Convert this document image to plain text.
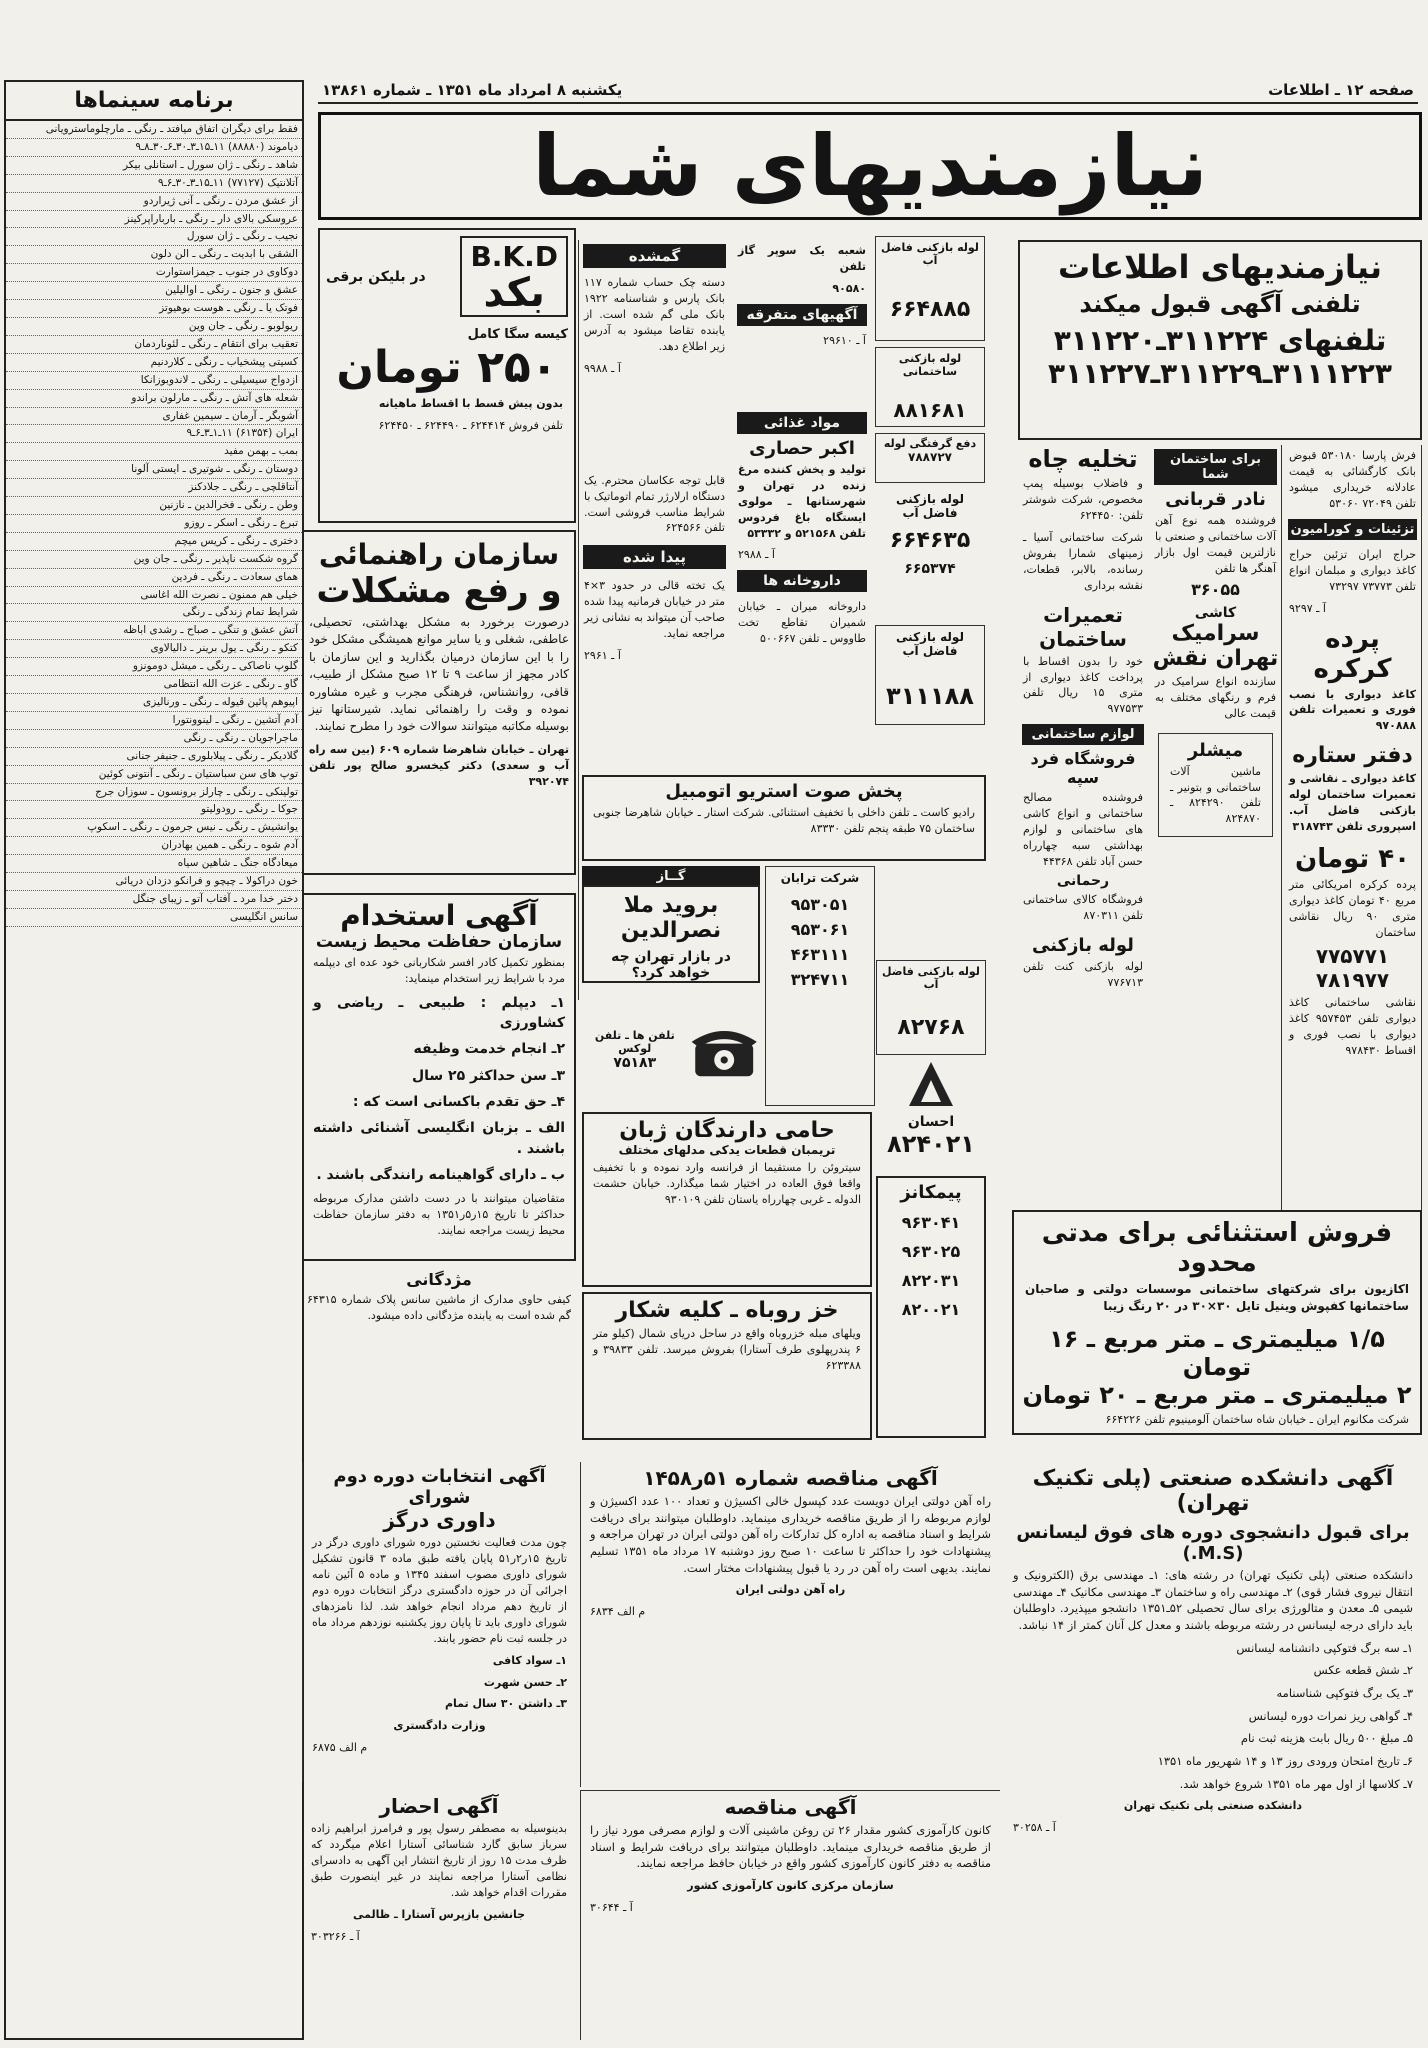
صفحه ۱۲ ـ اطلاعات
یکشنبه ۸ امرداد ماه ۱۳۵۱ ـ شماره ۱۳۸۶۱
نیازمندیهای شما
برنامه سینماها
فقط برای دیگران اتفاق میافتد ـ رنگی ـ مارچلوماسترویانی
دیاموند (۸۸۸۸۰) ۱۱ـ۱۵ـ۳ـ۳۰ـ۶ـ۳۰ـ۸ـ۹
شاهد ـ رنگی ـ ژان سورل ـ استانلی بیکر
آتلانتیک (۷۷۱۲۷) ۱۱ـ۱۵ـ۳ـ۳۰ـ۶ـ۹
از عشق مردن ـ رنگی ـ آنی ژیراردو
عروسکی بالای دار ـ رنگی ـ بارباراپرکینز
نجیب ـ رنگی ـ ژان سورل
الشقی با ابدیت ـ رنگی ـ الن دلون
دوکاوی در جنوب ـ جیمزاستوارت
عشق و جنون ـ رنگی ـ اوالیلین
فوتک یا ـ رنگی ـ هوست بوهیوتز
ریولوبو ـ رنگی ـ جان وین
تعقیب برای انتقام ـ رنگی ـ لئوناردمان
کسیتی پیشخیاب ـ رنگی ـ کلاردنیم
ازدواج سیسیلی ـ رنگی ـ لاندوبوزانکا
شعله های آتش ـ رنگی ـ مارلون براندو
آشوبگر ـ آرمان ـ سیمین غفاری
ایران (۶۱۳۵۴) ۱۱ـ۱ـ۳ـ۶ـ۹
بمب ـ بهمن مفید
دوستان ـ رنگی ـ شوتیری ـ ایستی آلونا
آنتاقلچی ـ رنگی ـ جلادکنز
وطن ـ رنگی ـ فخرالدین ـ نازنین
تبرع ـ رنگی ـ اسکر ـ روزو
دختری ـ رنگی ـ کریس میچم
گروه شکست ناپذیر ـ رنگی ـ جان وین
همای سعادت ـ رنگی ـ فردین
خیلی هم ممنون ـ نصرت الله اغاسی
شرایط تمام زندگی ـ رنگی
آتش عشق و تنگی ـ صباح ـ رشدی اباظه
کتکو ـ رنگی ـ یول برینر ـ دالیالاوی
گلوپ ناصاکی ـ رنگی ـ میشل دومونزو
گاو ـ رنگی ـ عزت الله انتظامی
اپیوهم پائین قیوله ـ رنگی ـ ورنالیزی
آدم آتشین ـ رنگی ـ لینوونتورا
ماجراجویان ـ رنگی ـ رنگی
گلادیکر ـ رنگی ـ پیلابلوری ـ جنیفر جنانی
توپ های سن سباستیان ـ رنگی ـ آنتونی کوئین
تولینکی ـ رنگی ـ چارلز برونسون ـ سوزان جرج
جوکا ـ رنگی ـ رودولیتو
یوانشیش ـ رنگی ـ نیس جرمون ـ رنگی ـ اسکوپ
آدم شوه ـ رنگی ـ همین بهادران
میعادگاه جنگ ـ شاهین سیاه
خون دراکولا ـ چیچو و فرانکو دزدان دریائی
دختر خدا مرد ـ آفتاب آتو ـ زیبای جنگل
سانس انگلیسی
B.K.D
بکد
در بلیکن برقی
کیسه سگا کامل
۲۵۰ تومان
بدون پیش قسط با اقساط ماهیانه
تلفن فروش ۶۲۴۴۱۴ ـ ۶۲۴۴۹۰ ـ ۶۲۴۴۵۰
سازمان راهنمائی
و رفع مشکلات
درصورت برخورد به مشکل بهداشتی، تحصیلی، عاطفی، شغلی و یا سایر موانع همیشگی مشکل خود را با این سازمان درمیان بگذارید و این سازمان با کادر مجهز از ساعت ۹ تا ۱۲ صبح مشکل از طبیب، قافی، روانشناس، فرهنگی مجرب و غیره مشاوره نموده و وقت را راهنمائی نماید. شیرستانها نیز بوسیله مکاتبه میتوانند سوالات خود را مطرح نمایند.
تهران ـ خیابان شاهرضا شماره ۶۰۹ (بین سه راه آب و سعدی) دکتر کیخسرو صالح پور تلفن ۳۹۲۰۷۴
آگهی استخدام
سازمان حفاظت محیط زیست
بمنظور تکمیل کادر افسر شکاربانی خود عده ای دیپلمه مرد با شرایط زیر استخدام مینماید:
۱ـ دیپلم : طبیعی ـ ریاضی و کشاورزی
۲ـ انجام خدمت وظیفه
۳ـ سن حداکثر ۲۵ سال
۴ـ حق تقدم باکسانی است که :
الف ـ بزبان انگلیسی آشنائی داشته باشند .
ب ـ دارای گواهینامه رانندگی باشند .
متقاضیان میتوانند با در دست داشتن مدارک مربوطه حداکثر تا تاریخ ۱۵ر۵ر۱۳۵۱ به دفتر سازمان حفاظت محیط زیست مراجعه نمایند.
مژدگانی
کیفی حاوی مدارک از ماشین سانس پلاک شماره ۶۴۳۱۵ گم شده است به یابنده مژدگانی داده میشود.
گمشده
دسته چک حساب شماره ۱۱۷ بانک پارس و شناسنامه ۱۹۲۲ بانک ملی گم شده است. از یابنده تقاضا میشود به آدرس زیر اطلاع دهد.
آ ـ ۹۹۸۸
قابل توجه عکاسان محترم. یک دستگاه ارلارژر تمام اتوماتیک با شرایط مناسب فروشی است. تلفن ۶۲۴۵۶۶
پیدا شده
یک تخته قالی در حدود ۳×۴ متر در خیابان فرمانیه پیدا شده صاحب آن میتواند به نشانی زیر مراجعه نماید.
آ ـ ۲۹۶۱
شعبه یک سوپر گاز تلفن
۹۰۵۸۰
آگهیهای متفرقه
آ ـ ۲۹۶۱۰
مواد غذائی
اکبر حصاری
تولید و پخش کننده مرغ زنده در تهران و شهرستانها ـ مولوی ایستگاه باغ فردوس تلفن ۵۲۱۵۶۸ و ۵۳۳۳۲
آ ـ ۲۹۸۸
داروخانه ها
داروخانه میران ـ خیابان شمیران تقاطع تخت طاووس ـ تلفن ۵۰۰۶۶۷
لوله بازکنی فاضل آب
۶۶۴۸۸۵
لوله بازکنی ساختمانی
۸۸۱۶۸۱
دفع گرفتگی لوله
۷۸۸۷۲۷
لوله بازکنی فاضل آب
۶۶۴۶۳۵
۶۶۵۳۷۴
لوله بازکنی فاضل آب
۳۱۱۱۸۸
پخش صوت استریو اتومبیل
رادیو کاست ـ تلفن داخلی با تخفیف استثنائی. شرکت استار ـ خیابان شاهرضا جنوبی ساختمان ۷۵ طبقه پنجم تلفن ۸۳۳۳۰
گــاز
بروید ملا نصرالدین
در بازار تهران چه خواهد کرد؟
تلفن ها ـ تلفن لوکس
۷۵۱۸۳
شرکت ترابان
۹۵۳۰۵۱
۹۵۳۰۶۱
۴۶۳۱۱۱
۳۲۴۷۱۱
احسان
۸۲۴۰۲۱
لوله بازکنی فاضل آب
۸۲۷۶۸
حامی دارندگان ژبان
تریمبان قطعات یدکی مدلهای مختلف
سیتروئن را مستقیما از فرانسه وارد نموده و با تخفیف واقعا فوق العاده در اختیار شما میگذارد. خیابان حشمت الدوله ـ غربی چهارراه یاستان تلفن ۹۳۰۱۰۹
خز روباه ـ کلیه شکار
ویلهای مبله خزروباه واقع در ساحل دریای شمال (کیلو متر ۶ پندرپهلوی طرف آستارا) بفروش میرسد. تلفن ۳۹۸۳۳ و ۶۲۳۳۸۸
پیمکانز
۹۶۳۰۴۱
۹۶۳۰۲۵
۸۲۲۰۳۱
۸۲۰۰۲۱
نیازمندیهای اطلاعات
تلفنی آگهی قبول میکند
تلفنهای ۳۱۱۲۲۴ـ۳۱۱۲۲۰
۳۱۱۱۲۲۳ـ۳۱۱۲۲۹ـ۳۱۱۲۲۷
فرش پارسا ۵۳۰۱۸۰ قبوض بانک کارگشائی به قیمت عادلانه خریداری میشود تلفن ۷۲۰۴۹ ۵۳۰۶۰
تزئینات و کورامیون
حراج ایران تزئین حراج کاغذ دیواری و مبلمان انواع تلفن ۷۳۷۷۳ ۷۳۲۹۷
آ ـ ۹۲۹۷
پرده کرکره
کاغذ دیواری با نصب فوری و تعمیرات تلفن ۹۷۰۸۸۸
دفتر ستاره
کاغذ دیواری ـ نقاشی و تعمیرات ساختمان لوله بازکنی فاضل آب. اسپروری تلفن ۳۱۸۷۴۳
۴۰ تومان
پرده کرکره امریکائی متر مربع ۴۰ تومان کاغذ دیواری متری ۹۰ ریال نقاشی ساختمان
۷۷۵۷۷۱
۷۸۱۹۷۷
نقاشی ساختمانی کاغذ دیواری تلفن ۹۵۷۴۵۳ کاغذ دیواری با نصب فوری و اقساط ۹۷۸۴۳۰
برای ساختمان شما
نادر قربانی
فروشنده همه نوع آهن آلات ساختمانی و صنعتی با نازلترین قیمت اول بازار آهنگر ها تلفن
۳۶۰۵۵
کاشی
سرامیک تهران نقش
سازنده انواع سرامیک در فرم و رنگهای مختلف به قیمت عالی
میشلر
ماشین آلات ساختمانی و بتونیر ـ تلفن ۸۲۴۲۹۰ ـ ۸۲۴۸۷۰
تخلیه چاه
و فاضلاب بوسیله پمپ مخصوص، شرکت شوشتر تلفن: ۶۲۴۴۵۰
شرکت ساختمانی آسیا ـ زمینهای شمارا بفروش رسانده، بالابر، قطعات، نقشه برداری
تعمیرات ساختمان
خود را بدون اقساط با پرداخت کاغذ دیواری از متری ۱۵ ریال تلفن ۹۷۷۵۳۳
لوازم ساختمانی
فروشگاه فرد سپه
فروشنده مصالح ساختمانی و انواع کاشی های ساختمانی و لوازم بهداشتی سبه چهارراه حسن آباد تلفن ۴۴۳۶۸
رحمانی
فروشگاه کالای ساختمانی تلفن ۸۷۰۳۱۱
لوله بازکنی
لوله بازکنی کنت تلفن ۷۷۶۷۱۳
فروش استثنائی برای مدتی محدود
اکازیون برای شرکتهای ساختمانی موسسات دولتی و صاحبان ساختمانها کفپوش وینیل تایل ۳۰×۳۰ در ۲۰ رنگ زیبا
۱/۵ میلیمتری ـ متر مربع ـ ۱۶ تومان
۲ میلیمتری ـ متر مربع ـ ۲۰ تومان
شرکت مکانوم ایران ـ خیابان شاه ساختمان آلومینیوم تلفن ۶۶۴۲۲۶
آگهی انتخابات دوره دوم شورای
داوری درگز
چون مدت فعالیت نخستین دوره شورای داوری درگز در تاریخ ۱۵ر۲ر۵۱ پایان یافته طبق ماده ۳ قانون تشکیل شورای داوری مصوب اسفند ۱۳۴۵ و ماده ۵ آئین نامه اجرائی آن در حوزه دادگستری درگز انتخابات دوره دوم از تاریخ دهم مرداد انجام خواهد شد. لذا نامزدهای شورای داوری باید تا پایان روز یکشنبه نوزدهم مرداد ماه در جلسه ثبت نام حضور یابند.
۱ـ سواد کافی
۲ـ حسن شهرت
۳ـ داشتن ۳۰ سال تمام
وزارت دادگستری
م الف ۶۸۷۵
آگهی احضار
بدینوسیله به مصطفر رسول پور و فرامرز ابراهیم زاده سرباز سابق گارد شناسائی آستارا اعلام میگردد که ظرف مدت ۱۵ روز از تاریخ انتشار این آگهی به دادسرای نظامی آستارا مراجعه نمایند در غیر اینصورت طبق مقررات اقدام خواهد شد.
جانشین بازپرس آستارا ـ ظالمی
آ ـ ۳۰۳۲۶۶
آگهی مناقصه شماره ۵۱ر۱۴۵۸
راه آهن دولتی ایران دویست عدد کپسول خالی اکسیژن و تعداد ۱۰۰ عدد اکسیژن و لوازم مربوطه را از طریق مناقصه خریداری مینماید. داوطلبان میتوانند برای دریافت شرایط و اسناد مناقصه به اداره کل تدارکات راه آهن دولتی ایران در تهران مراجعه و پیشنهادات خود را حداکثر تا ساعت ۱۰ صبح روز دوشنبه ۱۷ مرداد ماه ۱۳۵۱ تسلیم نمایند. بدیهی است راه آهن در رد یا قبول پیشنهادات مختار است.
راه آهن دولتی ایران
م الف ۶۸۳۴
آگهی مناقصه
کانون کارآموزی کشور مقدار ۲۶ تن روغن ماشینی آلات و لوازم مصرفی مورد نیاز را از طریق مناقصه خریداری مینماید. داوطلبان میتوانند برای دریافت شرایط و اسناد مناقصه به دفتر کانون کارآموزی کشور واقع در خیابان حافظ مراجعه نمایند.
سازمان مرکزی کانون کارآموزی کشور
آ ـ ۳۰۶۴۴
آگهی دانشکده صنعتی (پلی تکنیک تهران)
برای قبول دانشجوی دوره های فوق لیسانس (M.S.)
دانشکده صنعتی (پلی تکنیک تهران) در رشته های: ۱ـ مهندسی برق (الکترونیک و انتقال نیروی فشار قوی) ۲ـ مهندسی راه و ساختمان ۳ـ مهندسی مکانیک ۴ـ مهندسی شیمی ۵ـ معدن و متالورژی برای سال تحصیلی ۵۲ـ۱۳۵۱ دانشجو میپذیرد. داوطلبان باید دارای درجه لیسانس در رشته مربوطه باشند و معدل کل آنان کمتر از ۱۴ نباشد.
۱ـ سه برگ فتوکپی دانشنامه لیسانس
۲ـ شش قطعه عکس
۳ـ یک برگ فتوکپی شناسنامه
۴ـ گواهی ریز نمرات دوره لیسانس
۵ـ مبلغ ۵۰۰ ریال بابت هزینه ثبت نام
۶ـ تاریخ امتحان ورودی روز ۱۳ و ۱۴ شهریور ماه ۱۳۵۱
۷ـ کلاسها از اول مهر ماه ۱۳۵۱ شروع خواهد شد.
دانشکده صنعتی پلی تکنیک تهران
آ ـ ۳۰۲۵۸
